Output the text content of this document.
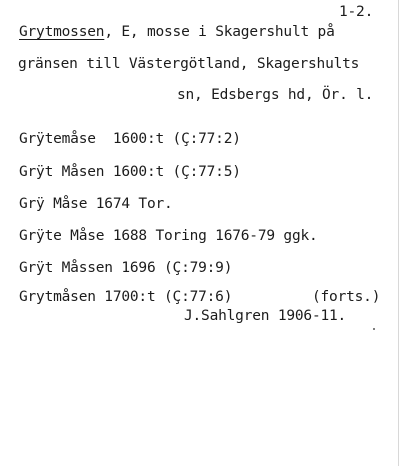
1-2.
Grytmossen, E, mosse i Skagershult på
gränsen till Västergötland, Skagershults
sn, Edsbergs hd, Ör. l.
Grÿtemåse  1600:t (Ç:77:2)
Grÿt Måsen 1600:t (Ç:77:5)
Grÿ Måse 1674 Tor.
Grÿte Måse 1688 Toring 1676-79 ggk.
Grÿt Måssen 1696 (Ç:79:9)
Grytmåsen 1700:t (Ç:77:6)	(forts.)
J.Sahlgren 1906-11.
